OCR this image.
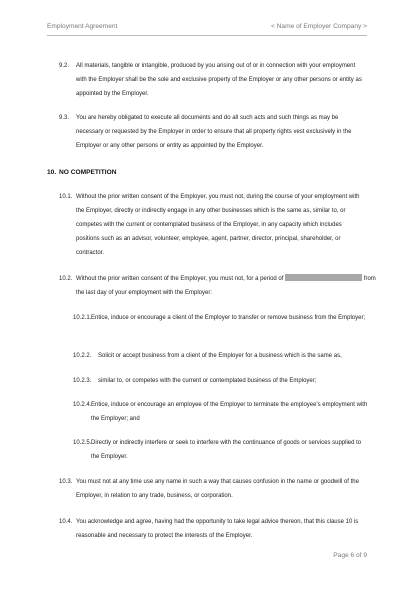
Employment Agreement	< Name of Employer Company >
9.2. All materials, tangible or intangible, produced by you arising out of or in connection with your employment with the Employer shall be the sole and exclusive property of the Employer or any other persons or entity as appointed by the Employer.
9.3. You are hereby obligated to execute all documents and do all such acts and such things as may be necessary or requested by the Employer in order to ensure that all property rights vest exclusively in the Employer or any other persons or entity as appointed by the Employer.
10. NO COMPETITION
10.1. Without the prior written consent of the Employer, you must not, during the course of your employment with the Employer, directly or indirectly engage in any other businesses which is the same as, similar to, or competes with the current or contemplated business of the Employer, in any capacity which includes positions such as an advisor, volunteer, employee, agent, partner, director, principal, shareholder, or contractor.
10.2. Without the prior written consent of the Employer, you must not, for a period of	from
the last day of your employment with the Employer:
10.2.1. Entice, induce or encourage a client of the Employer to transfer or remove business from the Employer;
10.2.2. Solicit or accept business from a client of the Employer for a business which is the same as,
10.2.3. similar to, or competes with the current or contemplated business of the Employer;
10.2.4. Entice, induce or encourage an employee of the Employer to terminate the employee's employment with the Employer; and
10.2.5. Directly or indirectly interfere or seek to interfere with the continuance of goods or services supplied to the Employer.
10.3. You must not at any time use any name in such a way that causes confusion in the name or goodwill of the Employer, in relation to any trade, business, or corporation.
10.4. You acknowledge and agree, having had the opportunity to take legal advice thereon, that this clause 10 is reasonable and necessary to protect the interests of the Employer.
Page 6 of 9
